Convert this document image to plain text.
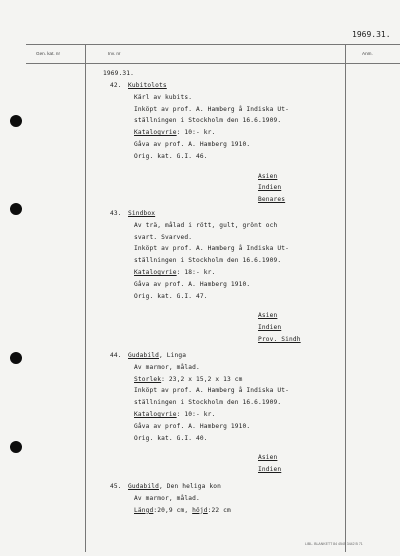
1969.31.
Gen. kat. nr	Inv. nr	Anm.
1969.31.
42. Kubitolots
Kärl av kubits.
Inköpt av prof. A. Hamberg å Indiska Ut-
ställningen i Stockholm den 16.6.1909.
Katalogvrie: 10:- kr.
Gåva av prof. A. Hamberg 1910.
Orig. kat. G.I. 46.
Asien
Indien
Benares
43. Sindbox
Av trä, målad i rött, gult, grönt och
svart. Svarved.
Inköpt av prof. A. Hamberg å Indiska Ut-
ställningen i Stockholm den 16.6.1909.
Katalogvrie: 18:- kr.
Gåva av prof. A. Hamberg 1910.
Orig. kat. G.I. 47.
Asien
Indien
Prov. Sindh
44. Gudabild, Linga
Av marmor, målad.
Storlek: 23,2 x 15,2 x 13 cm
Inköpt av prof. A. Hamberg å Indiska Ut-
ställningen i Stockholm den 16.6.1909.
Katalogvrie: 10:- kr.
Gåva av prof. A. Hamberg 1910.
Orig. kat. G.I. 40.
Asien
Indien
45. Gudabild, Den heliga kon
Av marmor, målad.
Längd:20,9 cm, höjd:22 cm
LIBL. BLANKETT 84 4545 3442 B 71
